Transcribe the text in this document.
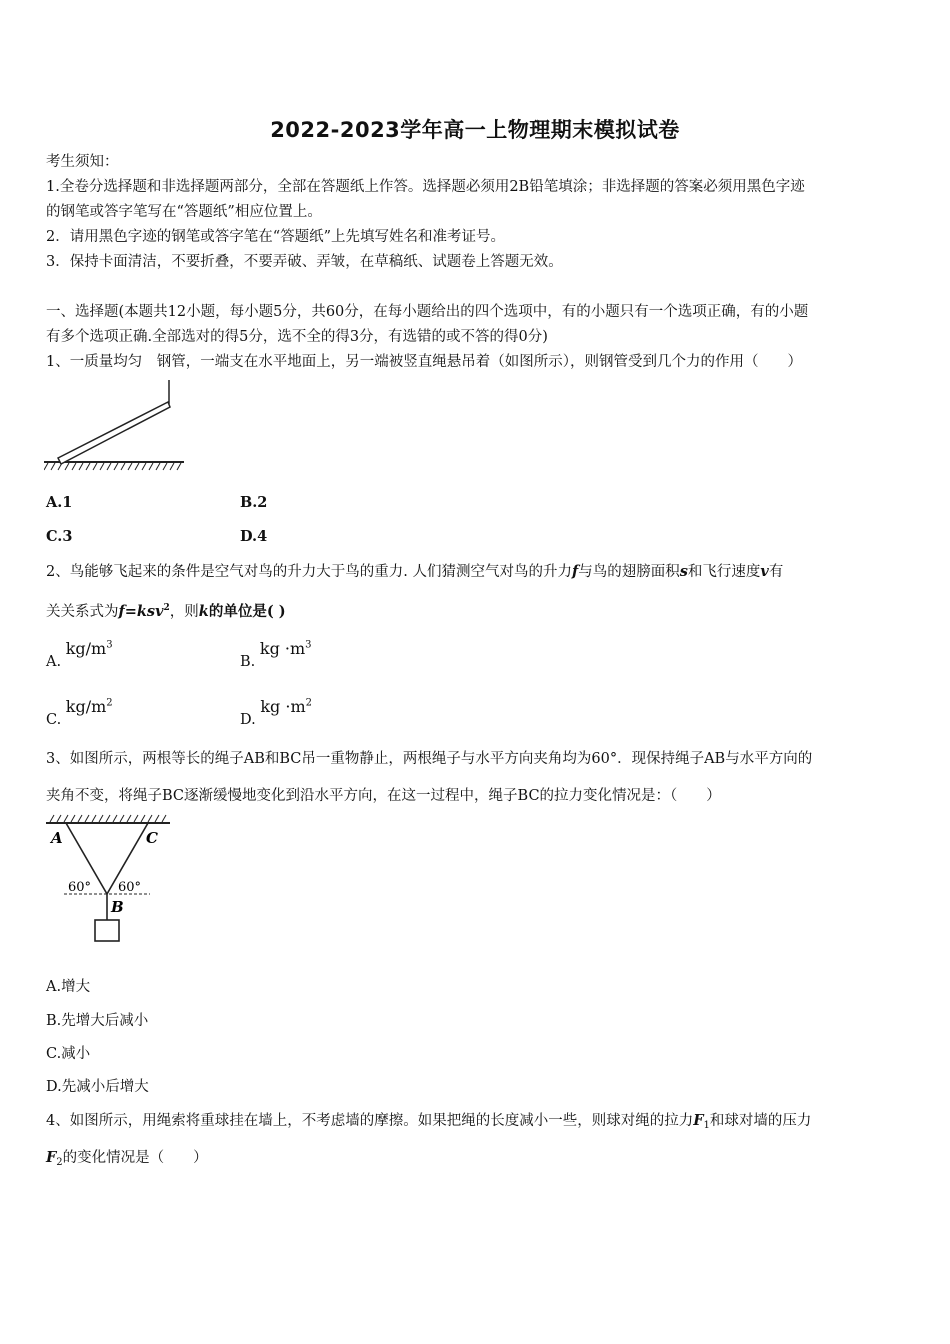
2022-2023学年高一上物理期末模拟试卷
考生须知：
1.全卷分选择题和非选择题两部分，全部在答题纸上作答。选择题必须用2B铅笔填涂；非选择题的答案必须用黑色字迹
的钢笔或答字笔写在“答题纸”相应位置上。
2．请用黑色字迹的钢笔或答字笔在“答题纸”上先填写姓名和准考证号。
3．保持卡面清洁，不要折叠，不要弄破、弄皱，在草稿纸、试题卷上答题无效。
一、选择题(本题共12小题，每小题5分，共60分，在每小题给出的四个选项中，有的小题只有一个选项正确，有的小题
有多个选项正确.全部选对的得5分，选不全的得3分，有选错的或不答的得0分)
1、一质量均匀　钢管，一端支在水平地面上，另一端被竖直绳悬吊着（如图所示），则钢管受到几个力的作用（　　）
A.1	B.2
C.3	D.4
2、鸟能够飞起来的条件是空气对鸟的升力大于鸟的重力. 人们猜测空气对鸟的升力f与鸟的翅膀面积s和飞行速度v有
关关系式为f=ksv$^2$，则k的单位是( )
A. $kg/m^3$
B. kg $\cdot m^3$
C. $kg/m^2$
D. kg $\cdot m^2$
3、如图所示，两根等长的绳子AB和BC吊一重物静止，两根绳子与水平方向夹角均为60°．现保持绳子AB与水平方向的
夹角不变，将绳子BC逐渐缓慢地变化到沿水平方向，在这一过程中，绳子BC的拉力变化情况是：（　　）
A	C
60° 60°
B
A.增大
B.先增大后减小
C.减小
D.先减小后增大
4、如图所示，用绳索将重球挂在墙上，不考虑墙的摩擦。如果把绳的长度减小一些，则球对绳的拉力$F_1$和球对墙的压力
$F_2$的变化情况是（　　）
